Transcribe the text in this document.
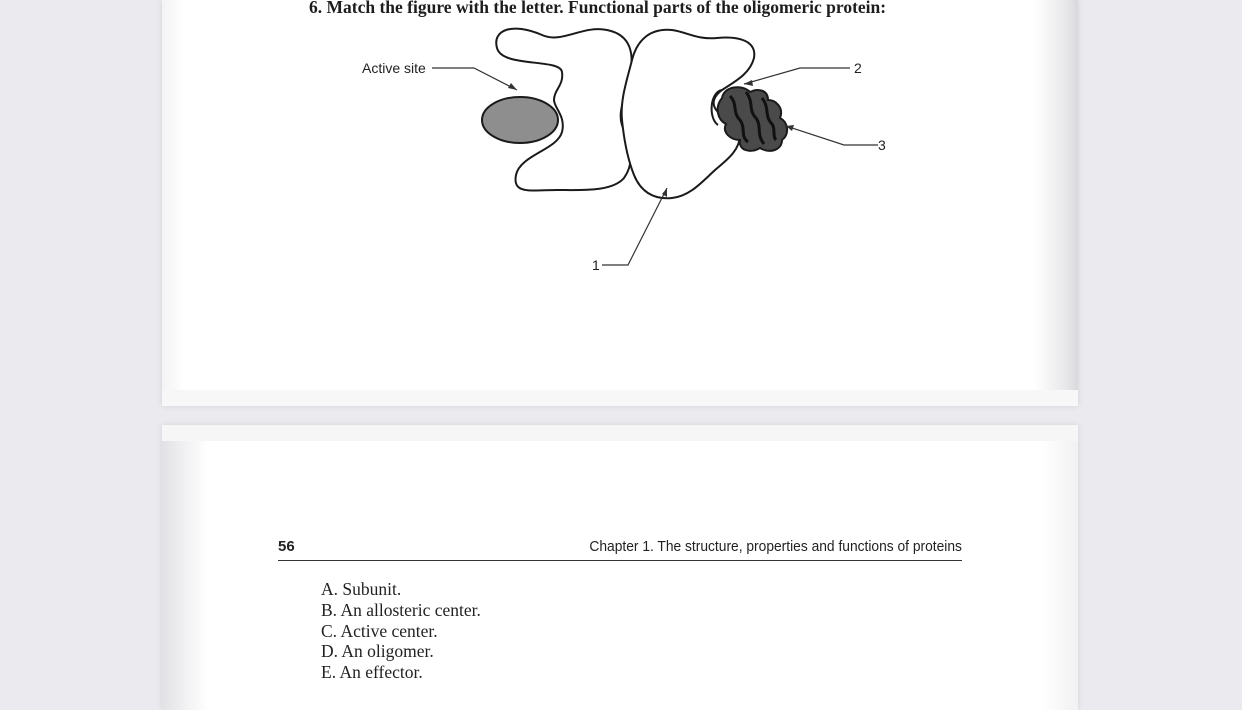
6. Match the figure with the letter. Functional parts of the oligomeric protein:
Active site	2
3
1
56	Chapter 1. The structure, properties and functions of proteins
A. Subunit.
B. An allosteric center.
C. Active center.
D. An oligomer.
E. An effector.
